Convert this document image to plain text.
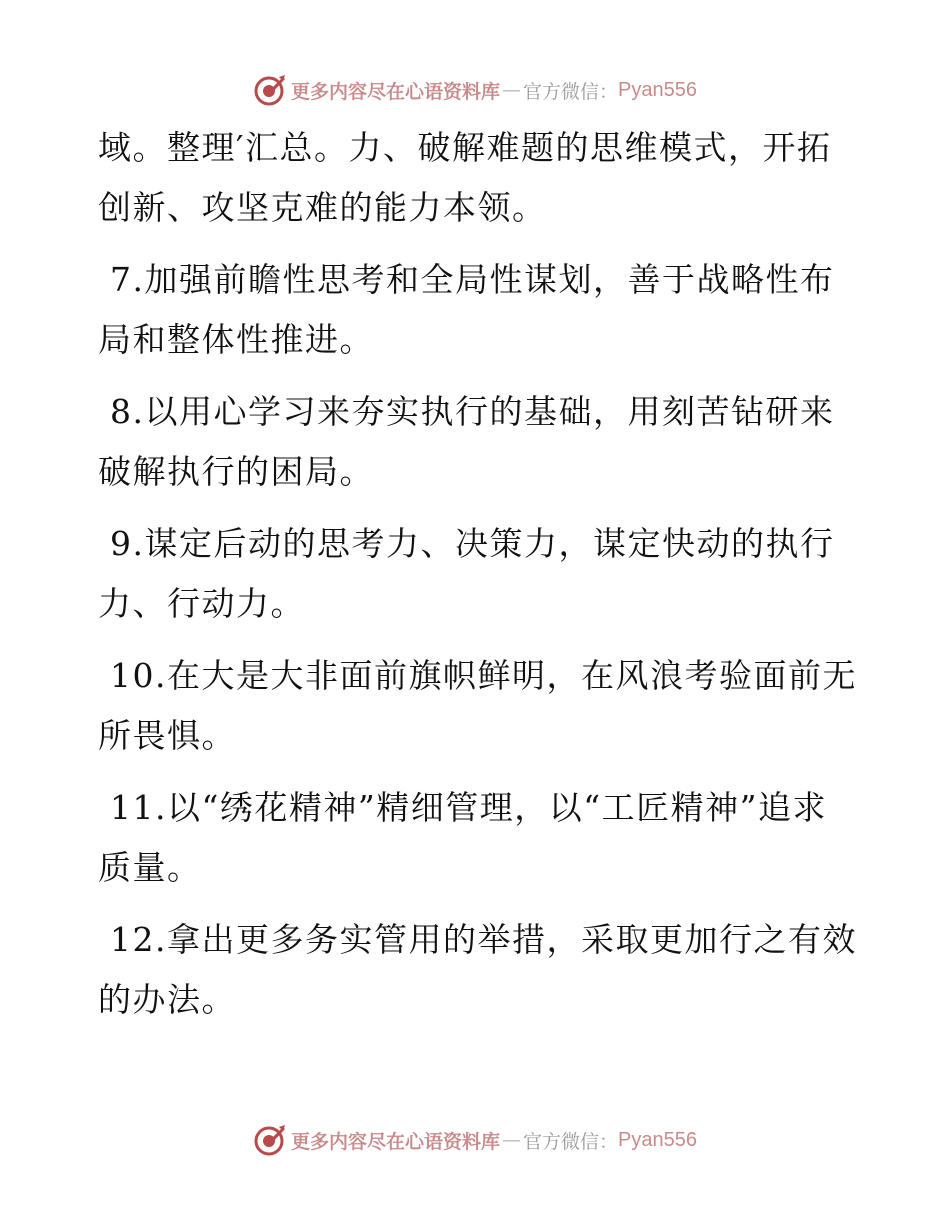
更多内容尽在心语资料库 — 官方微信： Pyan556

域。整理′汇总。力、破解难题的思维模式，开拓创新、攻坚克难的能力本领。

7.加强前瞻性思考和全局性谋划，善于战略性布局和整体性推进。

8.以用心学习来夯实执行的基础，用刻苦钻研来破解执行的困局。

9.谋定后动的思考力、决策力，谋定快动的执行力、行动力。

10.在大是大非面前旗帜鲜明，在风浪考验面前无所畏惧。

11.以“绣花精神”精细管理，以“工匠精神”追求质量。

12.拿出更多务实管用的举措，采取更加行之有效的办法。

更多内容尽在心语资料库 — 官方微信： Pyan556
